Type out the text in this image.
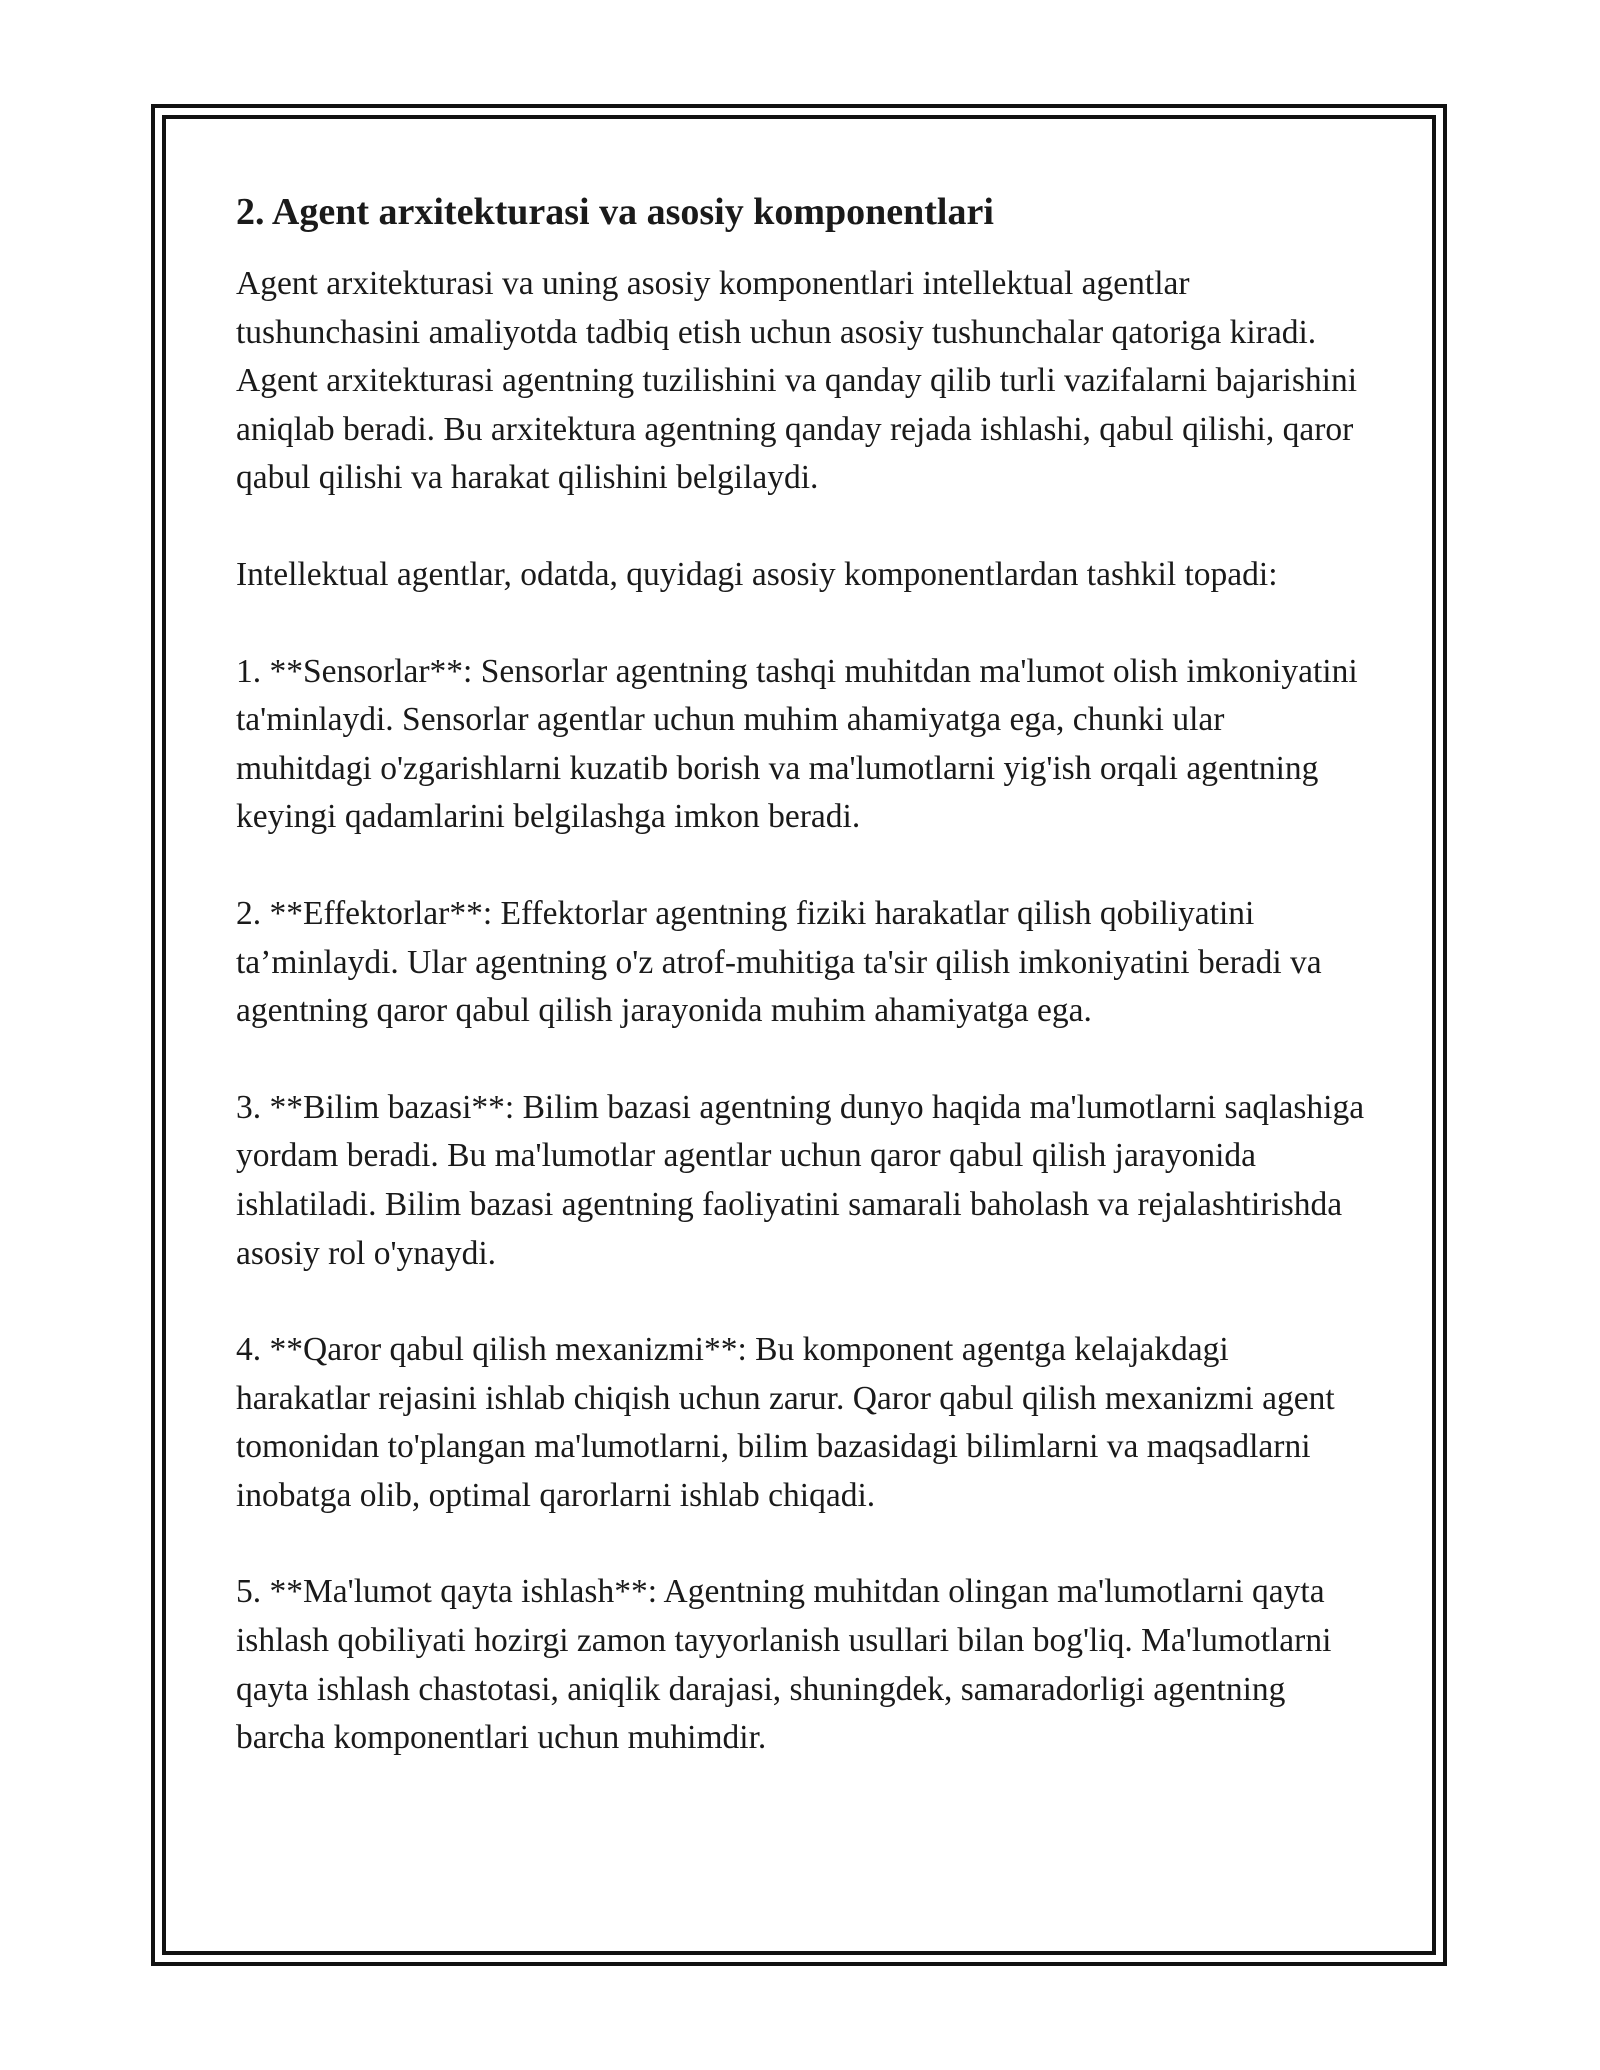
2. Agent arxitekturasi va asosiy komponentlari

Agent arxitekturasi va uning asosiy komponentlari intellektual agentlar tushunchasini amaliyotda tadbiq etish uchun asosiy tushunchalar qatoriga kiradi. Agent arxitekturasi agentning tuzilishini va qanday qilib turli vazifalarni bajarishini aniqlab beradi. Bu arxitektura agentning qanday rejada ishlashi, qabul qilishi, qaror qabul qilishi va harakat qilishini belgilaydi.

Intellektual agentlar, odatda, quyidagi asosiy komponentlardan tashkil topadi:

1. **Sensorlar**: Sensorlar agentning tashqi muhitdan ma'lumot olish imkoniyatini ta'minlaydi. Sensorlar agentlar uchun muhim ahamiyatga ega, chunki ular muhitdagi o'zgarishlarni kuzatib borish va ma'lumotlarni yig'ish orqali agentning keyingi qadamlarini belgilashga imkon beradi.

2. **Effektorlar**: Effektorlar agentning fiziki harakatlar qilish qobiliyatini ta’minlaydi. Ular agentning o'z atrof-muhitiga ta'sir qilish imkoniyatini beradi va agentning qaror qabul qilish jarayonida muhim ahamiyatga ega.

3. **Bilim bazasi**: Bilim bazasi agentning dunyo haqida ma'lumotlarni saqlashiga yordam beradi. Bu ma'lumotlar agentlar uchun qaror qabul qilish jarayonida ishlatiladi. Bilim bazasi agentning faoliyatini samarali baholash va rejalashtirishda asosiy rol o'ynaydi.

4. **Qaror qabul qilish mexanizmi**: Bu komponent agentga kelajakdagi harakatlar rejasini ishlab chiqish uchun zarur. Qaror qabul qilish mexanizmi agent tomonidan to'plangan ma'lumotlarni, bilim bazasidagi bilimlarni va maqsadlarni inobatga olib, optimal qarorlarni ishlab chiqadi.

5. **Ma'lumot qayta ishlash**: Agentning muhitdan olingan ma'lumotlarni qayta ishlash qobiliyati hozirgi zamon tayyorlanish usullari bilan bog'liq. Ma'lumotlarni qayta ishlash chastotasi, aniqlik darajasi, shuningdek, samaradorligi agentning barcha komponentlari uchun muhimdir.
